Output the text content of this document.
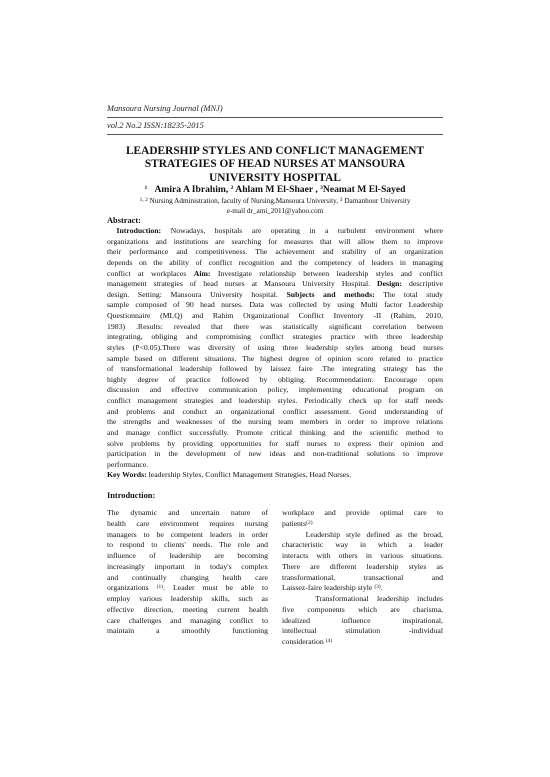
Mansoura Nursing Journal (MNJ)
vol.2 No.2 ISSN:18235-2015
LEADERSHIP STYLES AND CONFLICT MANAGEMENT
STRATEGIES OF HEAD NURSES AT MANSOURA
UNIVERSITY HOSPITAL
$^1$ Amira A Ibrahim, $^2$ Ahlam M El-Shaer , $^3$Neamat M El-Sayed
$^{1, 2}$ Nursing Administration, faculty of Nursing,Mansoura University, $^3$ Damanhour University
e-mail dr_ami_2011@yahoo.com
Abstract:
Introduction: Nowadays, hospitals are operating in a turbulent environment where
organizations and institutions are searching for measures that will allow them to improve
their performance and competitiveness. The achievement and stability of an organization
depends on the ability of conflict recognition and the competency of leaders in managing
conflict at workplaces Aim: Investigate relationship between leadership styles and conflict
management strategies of head nurses at Mansoura University Hospital. Design: descriptive
design. Setting: Mansoura University hospital. Subjects and methods: The total study
sample composed of 90 head nurses. Data was collected by using Multi factor Leadership
Questionnaire (MLQ) and Rahim Organizational Conflict Inventory -II (Rahim, 2010,
1983) .Results: revealed that there was statistically significant correlation between
integrating, obliging and compromising conflict strategies practice with three leadership
styles (P<0.05).There was diversity of using three leadership styles among head nurses
sample based on different situations. The highest degree of opinion score related to practice
of transformational leadership followed by laissez faire .The integrating strategy has the
highly degree of practice followed by obliging. Recommendation: Encourage open
discussion and effective communication policy, implementing educational program on
conflict management strategies and leadership styles. Periodically check up for staff needs
and problems and conduct an organizational conflict assessment. Good understanding of
the strengths and weaknesses of the nursing team members in order to improve relations
and manage conflict successfully. Promote critical thinking and the scientific method to
solve problems by providing opportunities for staff nurses to express their opinion and
participation in the development of new ideas and non-traditional solutions to improve
performance.
Key Words: leadership Styles, Conflict Management Strategies, Head Nurses.
Introduction:
The dynamic and uncertain nature of
health care environment requires nursing
managers to be competent leaders in order
to respond to clients' needs. The role and
influence of leadership are becoming
increasingly important in today's complex
and continually changing health care
organizations $^{(1)}$. Leader must be able to
employ various leadership skills, such as
effective direction, meeting current health
care challenges and managing conflict to
maintain a smoothly functioning
workplace and provide optimal care to
patients$^{(2)}$
Leadership style defined as the broad,
characteristic way in which a leader
interacts with others in various situations.
There are different leadership styles as
transformational, transactional and
Laissez-faire leadership style $^{(3)}$.
Transformational leadership includes
five components which are charisma,
idealized influence inspirational,
intellectual stimulation -individual
consideration $^{(4)}$
